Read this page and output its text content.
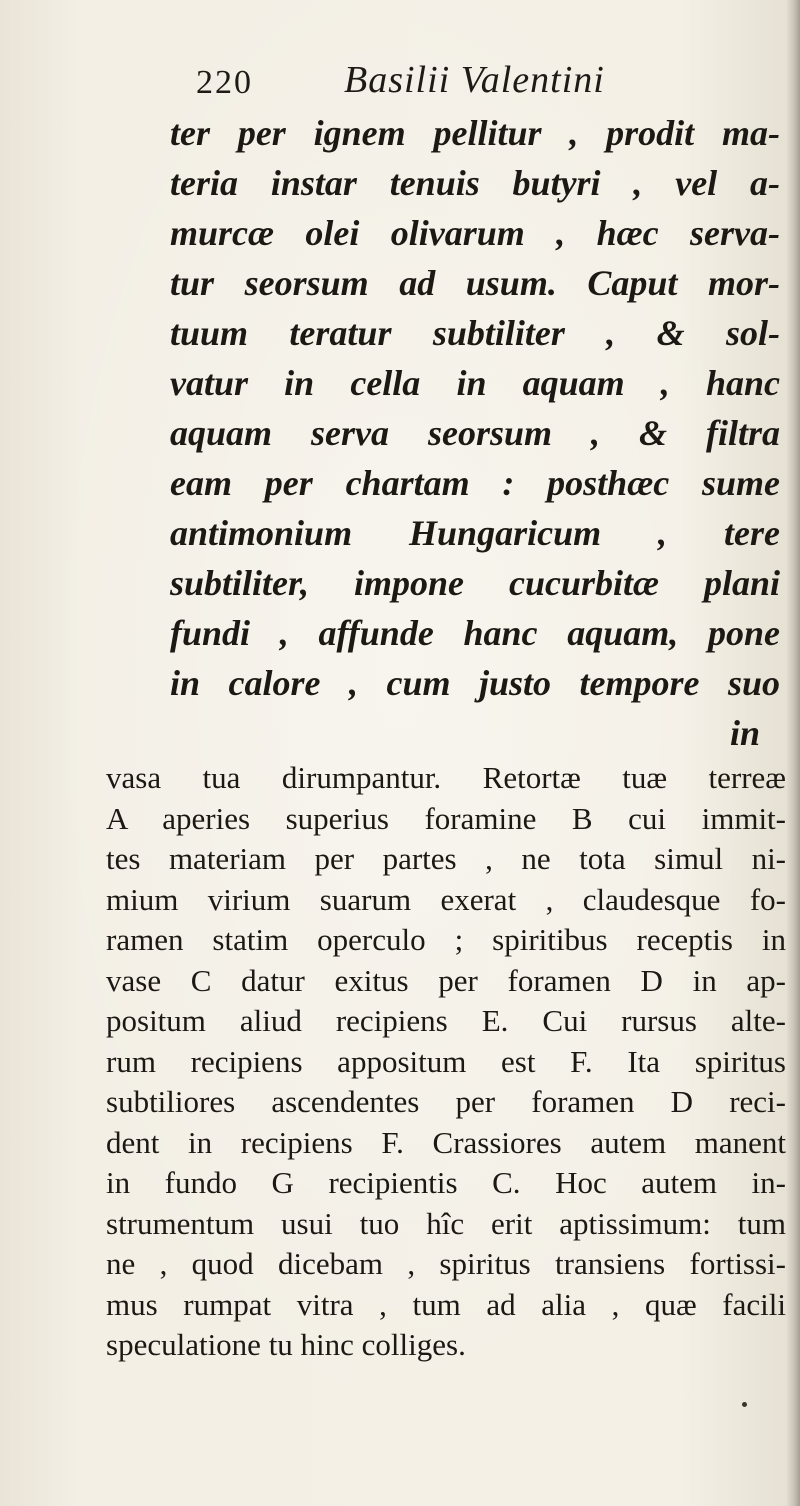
220 Basilii Valentini
ter per ignem pellitur , prodit ma-
teria instar tenuis butyri , vel a-
murcæ olei olivarum , hæc serva-
tur seorsum ad usum. Caput mor-
tuum teratur subtiliter , & sol-
vatur in cella in aquam , hanc
aquam serva seorsum , & filtra
eam per chartam : posthæc sume
antimonium Hungaricum , tere
subtiliter, impone cucurbitæ plani
fundi , affunde hanc aquam, pone
in calore , cum justo tempore suo
in
vasa tua dirumpantur. Retortæ tuæ terreæ
A aperies superius foramine B cui immit-
tes materiam per partes , ne tota simul ni-
mium virium suarum exerat , claudesque fo-
ramen statim operculo ; spiritibus receptis in
vase C datur exitus per foramen D in ap-
positum aliud recipiens E. Cui rursus alte-
rum recipiens appositum est F. Ita spiritus
subtiliores ascendentes per foramen D reci-
dent in recipiens F. Crassiores autem manent
in fundo G recipientis C. Hoc autem in-
strumentum usui tuo hîc erit aptissimum: tum
ne , quod dicebam , spiritus transiens fortissi-
mus rumpat vitra , tum ad alia , quæ facili
speculatione tu hinc colliges.
